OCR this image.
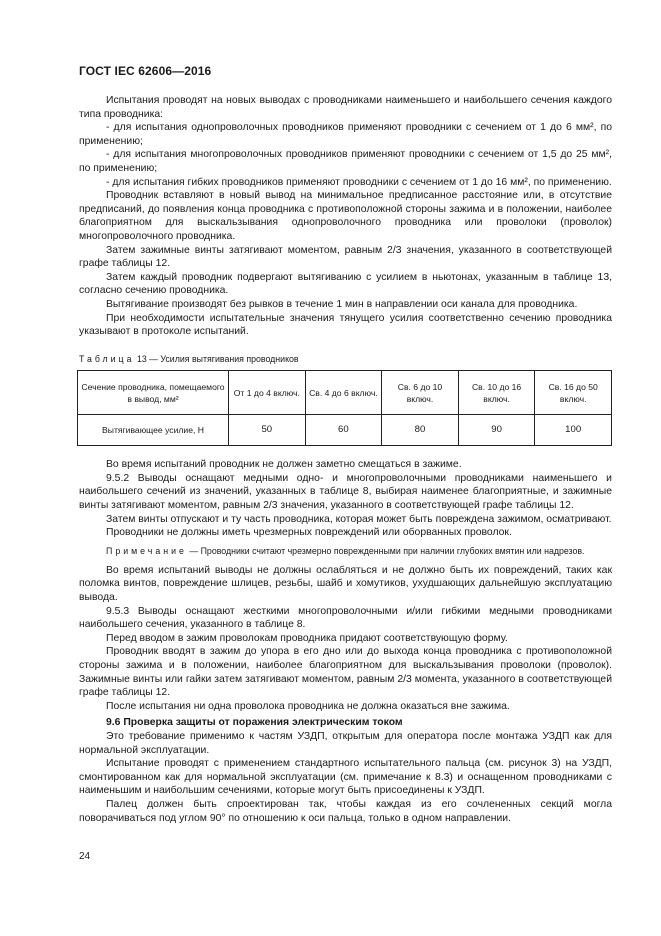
ГОСТ IEC 62606—2016

Испытания проводят на новых выводах с проводниками наименьшего и наибольшего сечения каждого типа проводника:

- для испытания однопроволочных проводников применяют проводники с сечением от 1 до 6 мм², по применению;

- для испытания многопроволочных проводников применяют проводники с сечением от 1,5 до 25 мм², по применению;

- для испытания гибких проводников применяют проводники с сечением от 1 до 16 мм², по применению.

Проводник вставляют в новый вывод на минимальное предписанное расстояние или, в отсутствие предписаний, до появления конца проводника с противоположной стороны зажима и в положении, наиболее благоприятном для выскальзывания однопроволочного проводника или проволоки (проволок) многопроволочного проводника.

Затем зажимные винты затягивают моментом, равным 2/3 значения, указанного в соответствующей графе таблицы 12.

Затем каждый проводник подвергают вытягиванию с усилием в ньютонах, указанным в таблице 13, согласно сечению проводника.

Вытягивание производят без рывков в течение 1 мин в направлении оси канала для проводника.

При необходимости испытательные значения тянущего усилия соответственно сечению проводника указывают в протоколе испытаний.

Таблица 13 — Усилия вытягивания проводников

Сечение проводника, помещаемого в вывод, мм²	От 1 до 4 включ.	Св. 4 до 6 включ.	Св. 6 до 10 включ.	Св. 10 до 16 включ.	Св. 16 до 50 включ.
Вытягивающее усилие, Н	50	60	80	90	100

Во время испытаний проводник не должен заметно смещаться в зажиме.

9.5.2 Выводы оснащают медными одно- и многопроволочными проводниками наименьшего и наибольшего сечений из значений, указанных в таблице 8, выбирая наименее благоприятные, и зажимные винты затягивают моментом, равным 2/3 значения, указанного в соответствующей графе таблицы 12.

Затем винты отпускают и ту часть проводника, которая может быть повреждена зажимом, осматривают.

Проводники не должны иметь чрезмерных повреждений или оборванных проволок.

Примечание — Проводники считают чрезмерно поврежденными при наличии глубоких вмятин или надрезов.

Во время испытаний выводы не должны ослабляться и не должно быть их повреждений, таких как поломка винтов, повреждение шлицев, резьбы, шайб и хомутиков, ухудшающих дальнейшую эксплуатацию вывода.

9.5.3 Выводы оснащают жесткими многопроволочными и/или гибкими медными проводниками наибольшего сечения, указанного в таблице 8.

Перед вводом в зажим проволокам проводника придают соответствующую форму.

Проводник вводят в зажим до упора в его дно или до выхода конца проводника с противоположной стороны зажима и в положении, наиболее благоприятном для выскальзывания проволоки (проволок). Зажимные винты или гайки затем затягивают моментом, равным 2/3 момента, указанного в соответствующей графе таблицы 12.

После испытания ни одна проволока проводника не должна оказаться вне зажима.

9.6 Проверка защиты от поражения электрическим током

Это требование применимо к частям УЗДП, открытым для оператора после монтажа УЗДП как для нормальной эксплуатации.

Испытание проводят с применением стандартного испытательного пальца (см. рисунок 3) на УЗДП, смонтированном как для нормальной эксплуатации (см. примечание к 8.3) и оснащенном проводниками с наименьшим и наибольшим сечениями, которые могут быть присоединены к УЗДП.

Палец должен быть спроектирован так, чтобы каждая из его сочлененных секций могла поворачиваться под углом 90° по отношению к оси пальца, только в одном направлении.

24
